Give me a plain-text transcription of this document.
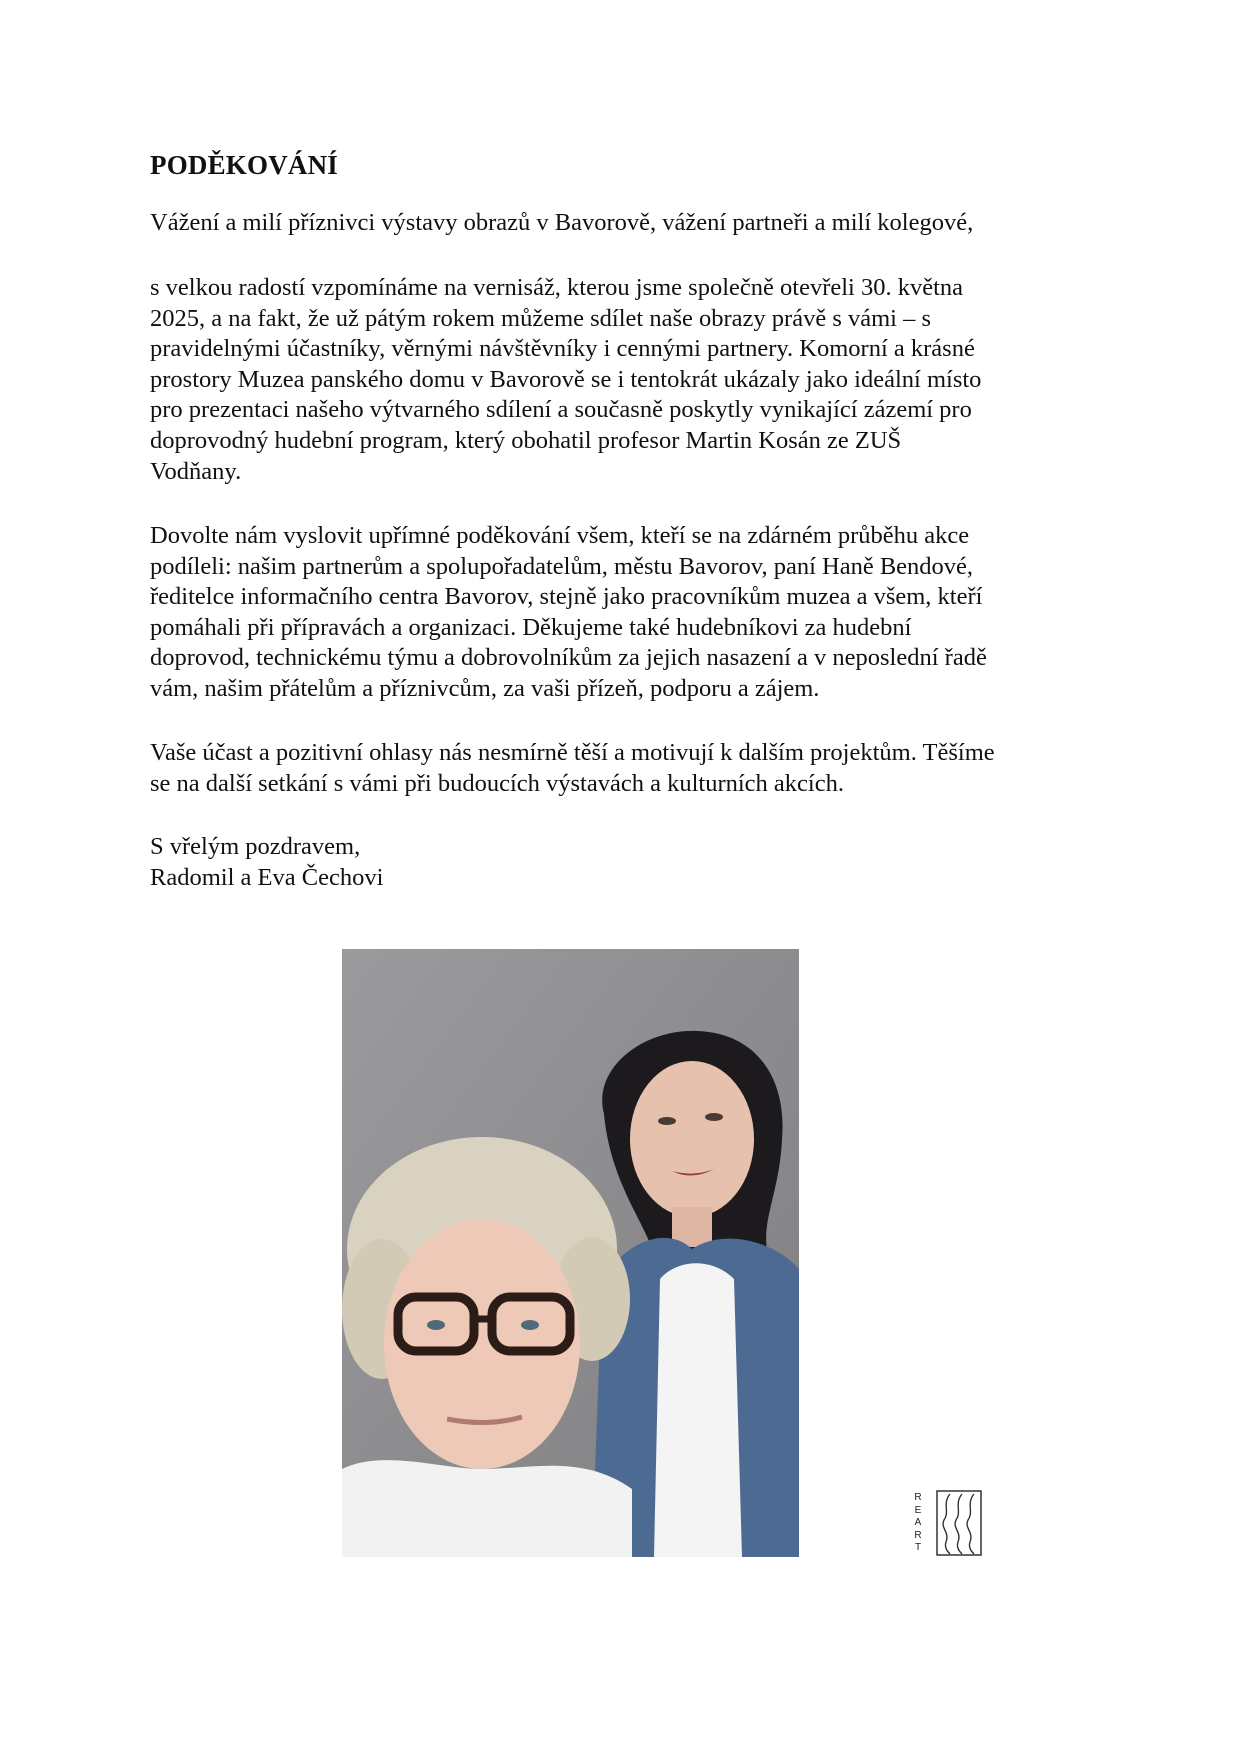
PODĚKOVÁNÍ

Vážení a milí příznivci výstavy obrazů v Bavorově, vážení partneři a milí kolegové,

s velkou radostí vzpomínáme na vernisáž, kterou jsme společně otevřeli 30. května
2025, a na fakt, že už pátým rokem můžeme sdílet naše obrazy právě s vámi – s
pravidelnými účastníky, věrnými návštěvníky i cennými partnery. Komorní a krásné
prostory Muzea panského domu v Bavorově se i tentokrát ukázaly jako ideální místo
pro prezentaci našeho výtvarného sdílení a současně poskytly vynikající zázemí pro
doprovodný hudební program, který obohatil profesor Martin Kosán ze ZUŠ
Vodňany.

Dovolte nám vyslovit upřímné poděkování všem, kteří se na zdárném průběhu akce
podíleli: našim partnerům a spolupořadatelům, městu Bavorov, paní Haně Bendové,
ředitelce informačního centra Bavorov, stejně jako pracovníkům muzea a všem, kteří
pomáhali při přípravách a organizaci. Děkujeme také hudebníkovi za hudební
doprovod, technickému týmu a dobrovolníkům za jejich nasazení a v neposlední řadě
vám, našim přátelům a příznivcům, za vaši přízeň, podporu a zájem.

Vaše účast a pozitivní ohlasy nás nesmírně těší a motivují k dalším projektům. Těšíme
se na další setkání s vámi při budoucích výstavách a kulturních akcích.

S vřelým pozdravem,

Radomil a Eva Čechovi

R
E
A
R
T
